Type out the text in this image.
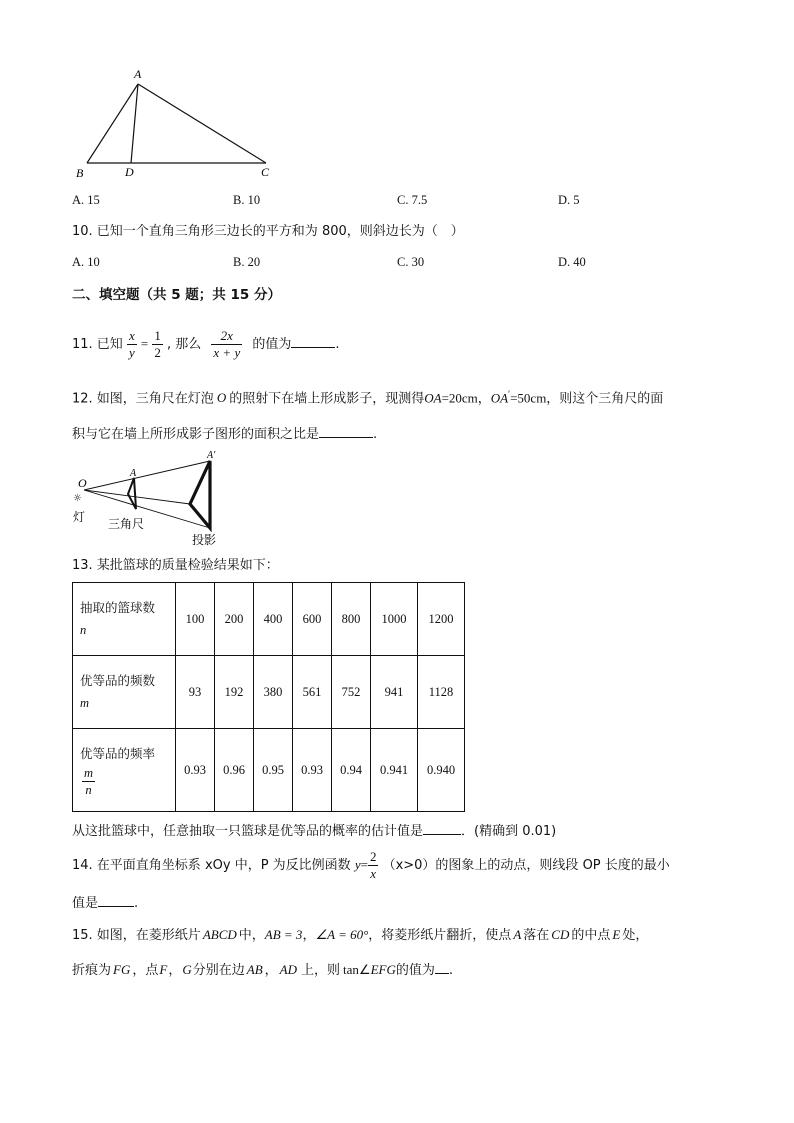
A
B	D	C
A. 15	B. 10	C. 7.5	D. 5
10. 已知一个直角三角形三边长的平方和为 800，则斜边长为（　）
A. 10	B. 20	C. 30	D. 40
二、填空题（共 5 题；共 15 分）
11. 已知 $\frac{x}{y} = \frac{1}{2}$ , 那么 $\frac{2x}{x + y}$ 的值为	.
12. 如图，三角尺在灯泡 O 的照射下在墙上形成影子，现测得OA=20cm，OA′=50cm，则这个三角尺的面
积与它在墙上所形成影子图形的面积之比是	.
O
☼
灯
A
A′
三角尺
投影
13. 某批篮球的质量检验结果如下：
抽取的篮球数
n	100	200	400	600	800	1000	1200

优等品的频数
m	93	192	380	561	752	941	1128

优等品的频率
$\frac{m}{n}$	0.93	0.96	0.95	0.93	0.94	0.941	0.940
从这批篮球中，任意抽取一只篮球是优等品的概率的估计值是	．(精确到 0.01)
14. 在平面直角坐标系 xOy 中，P 为反比例函数 $y= \frac{2}{x} (x>0)$的图象上的动点，则线段 OP 长度的最小
值是	.
15. 如图，在菱形纸片 ABCD 中，AB = 3，∠A = 60°，将菱形纸片翻折，使点 A 落在 CD 的中点 E 处，
折痕为 FG ，点F，G分别在边 AB ， AD 上，则 tan∠EFG的值为 .
